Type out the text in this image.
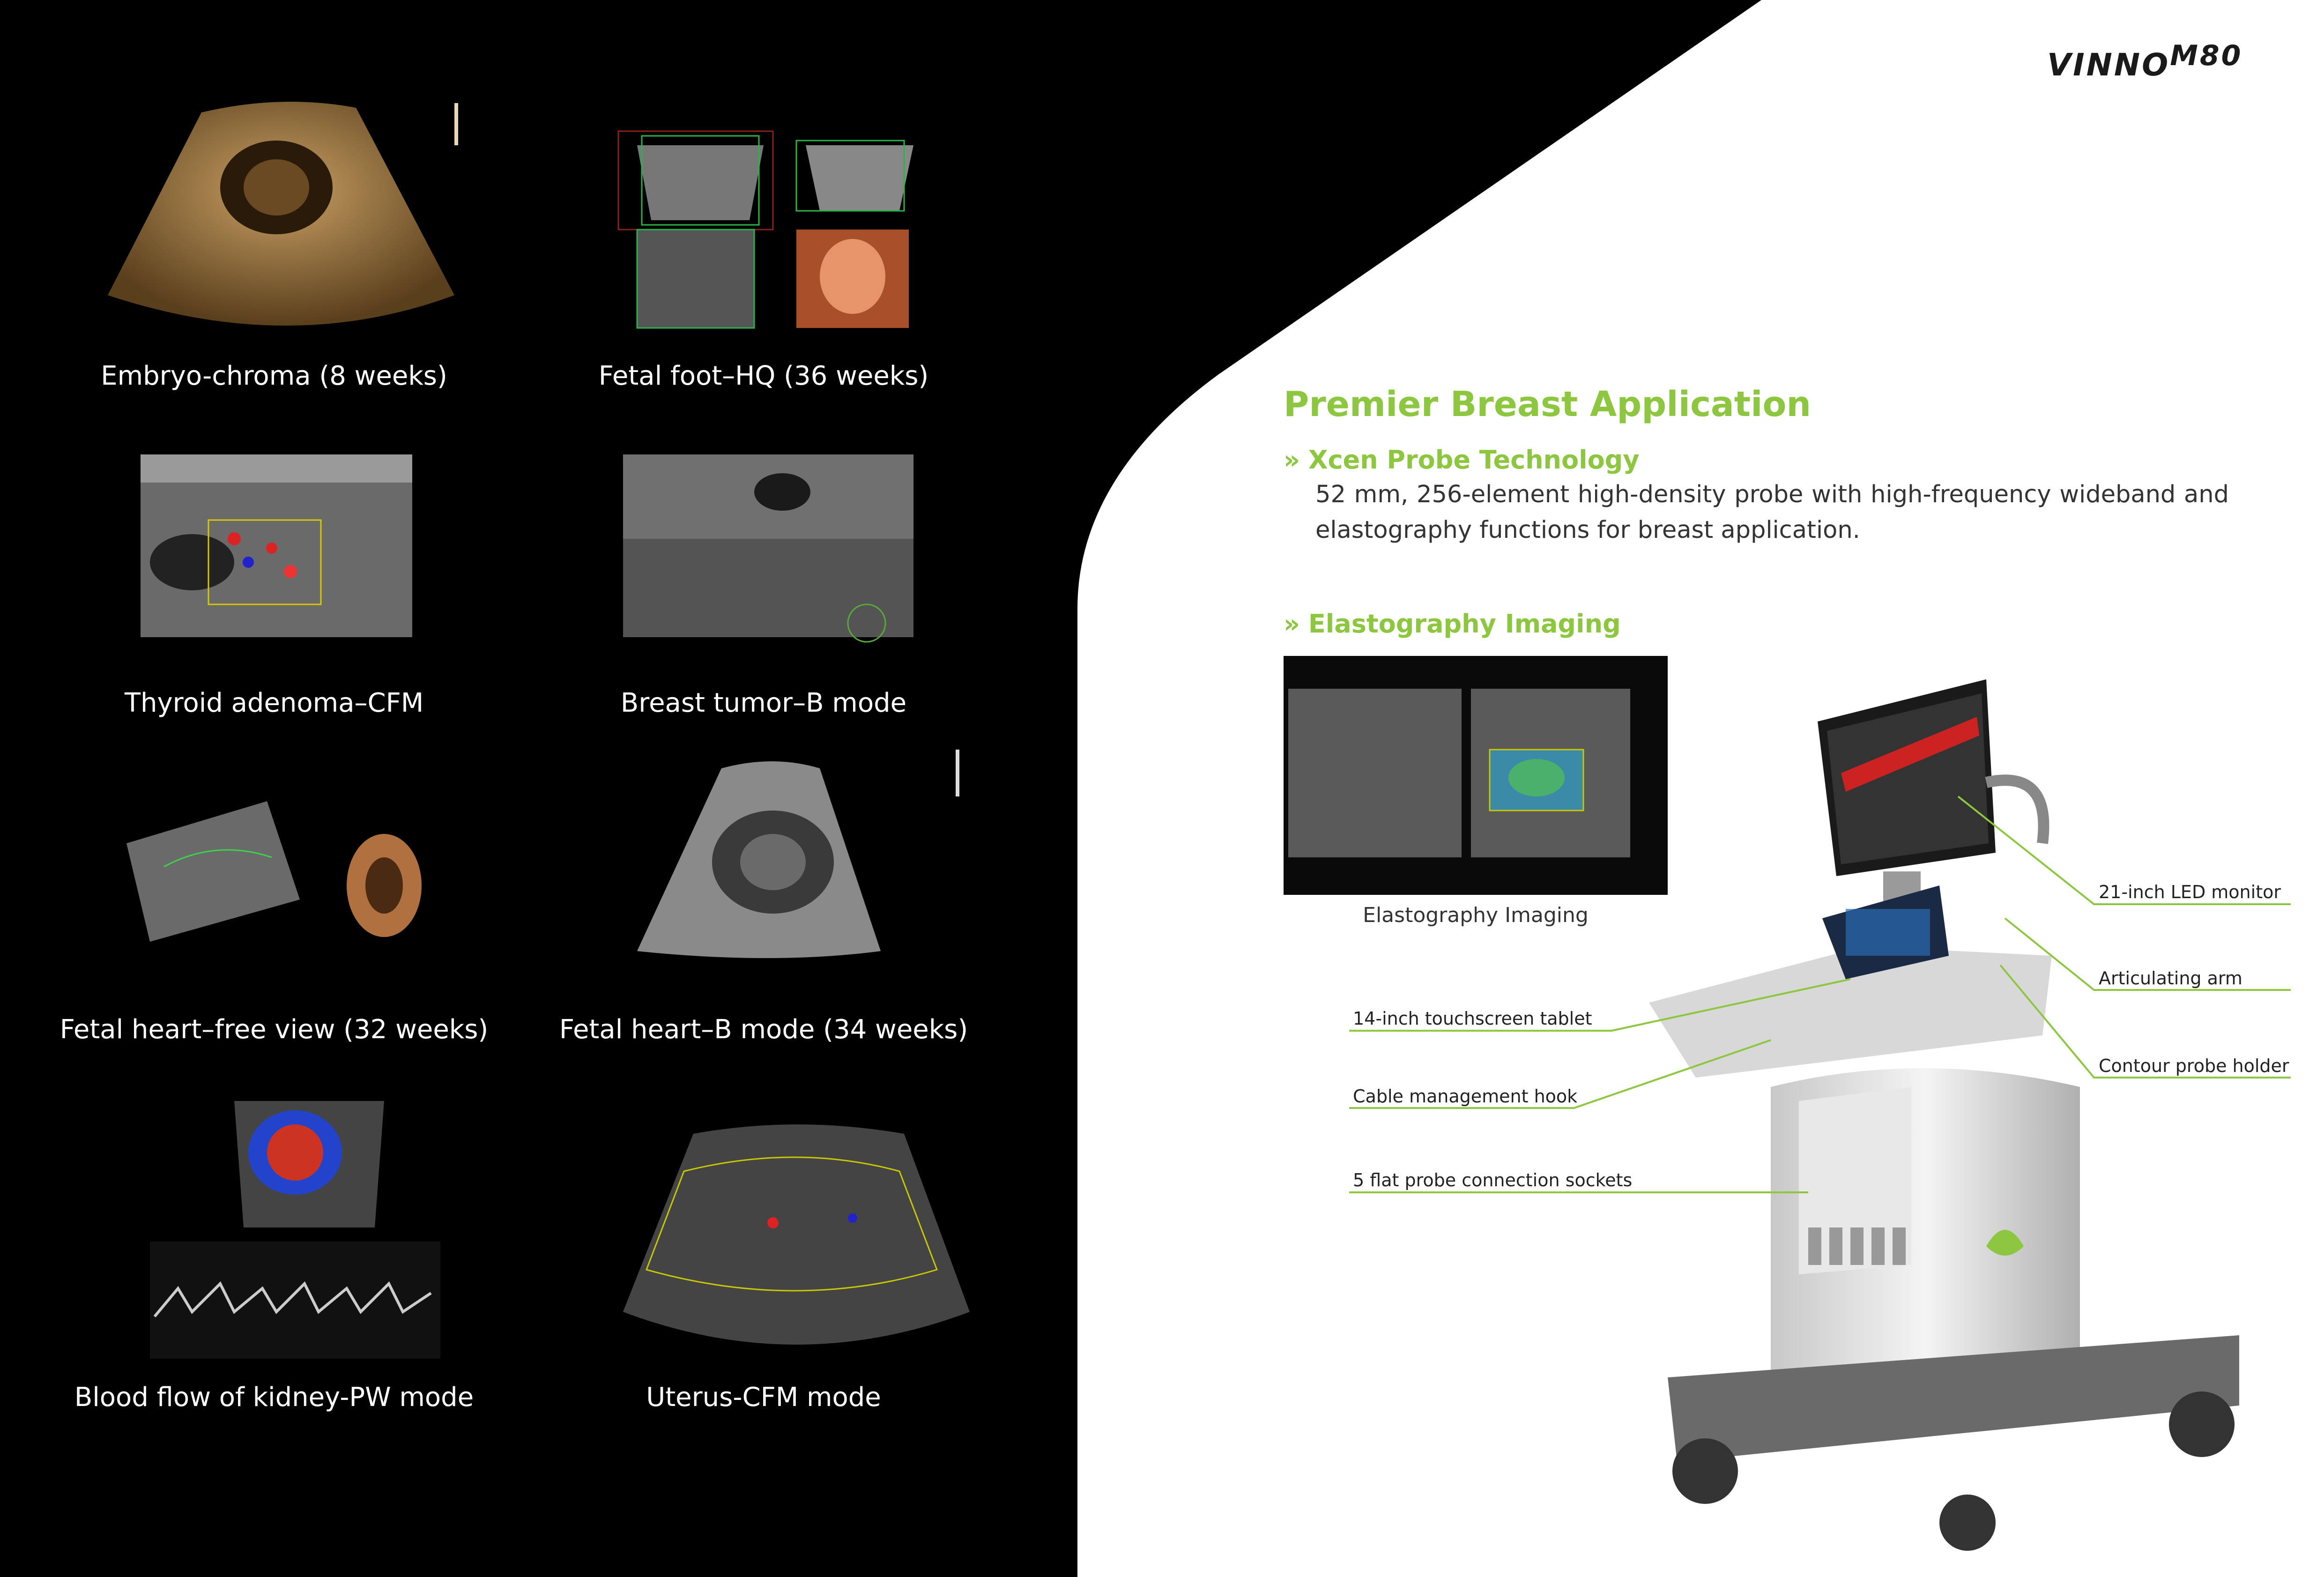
Embryo-chroma (8 weeks)	Fetal foot–HQ (36 weeks)
Thyroid adenoma–CFM	Breast tumor–B mode
Fetal heart–free view (32 weeks)	Fetal heart–B mode (34 weeks)
Blood flow of kidney-PW mode	Uterus-CFM mode
VINNOM80
Premier Breast Application
» Xcen Probe Technology
52 mm, 256-element high-density probe with high-frequency wideband and elastography functions for breast application.
» Elastography Imaging
Elastography Imaging
21-inch LED monitor
Articulating arm
Contour probe holder
14-inch touchscreen tablet
Cable management hook
5 flat probe connection sockets
